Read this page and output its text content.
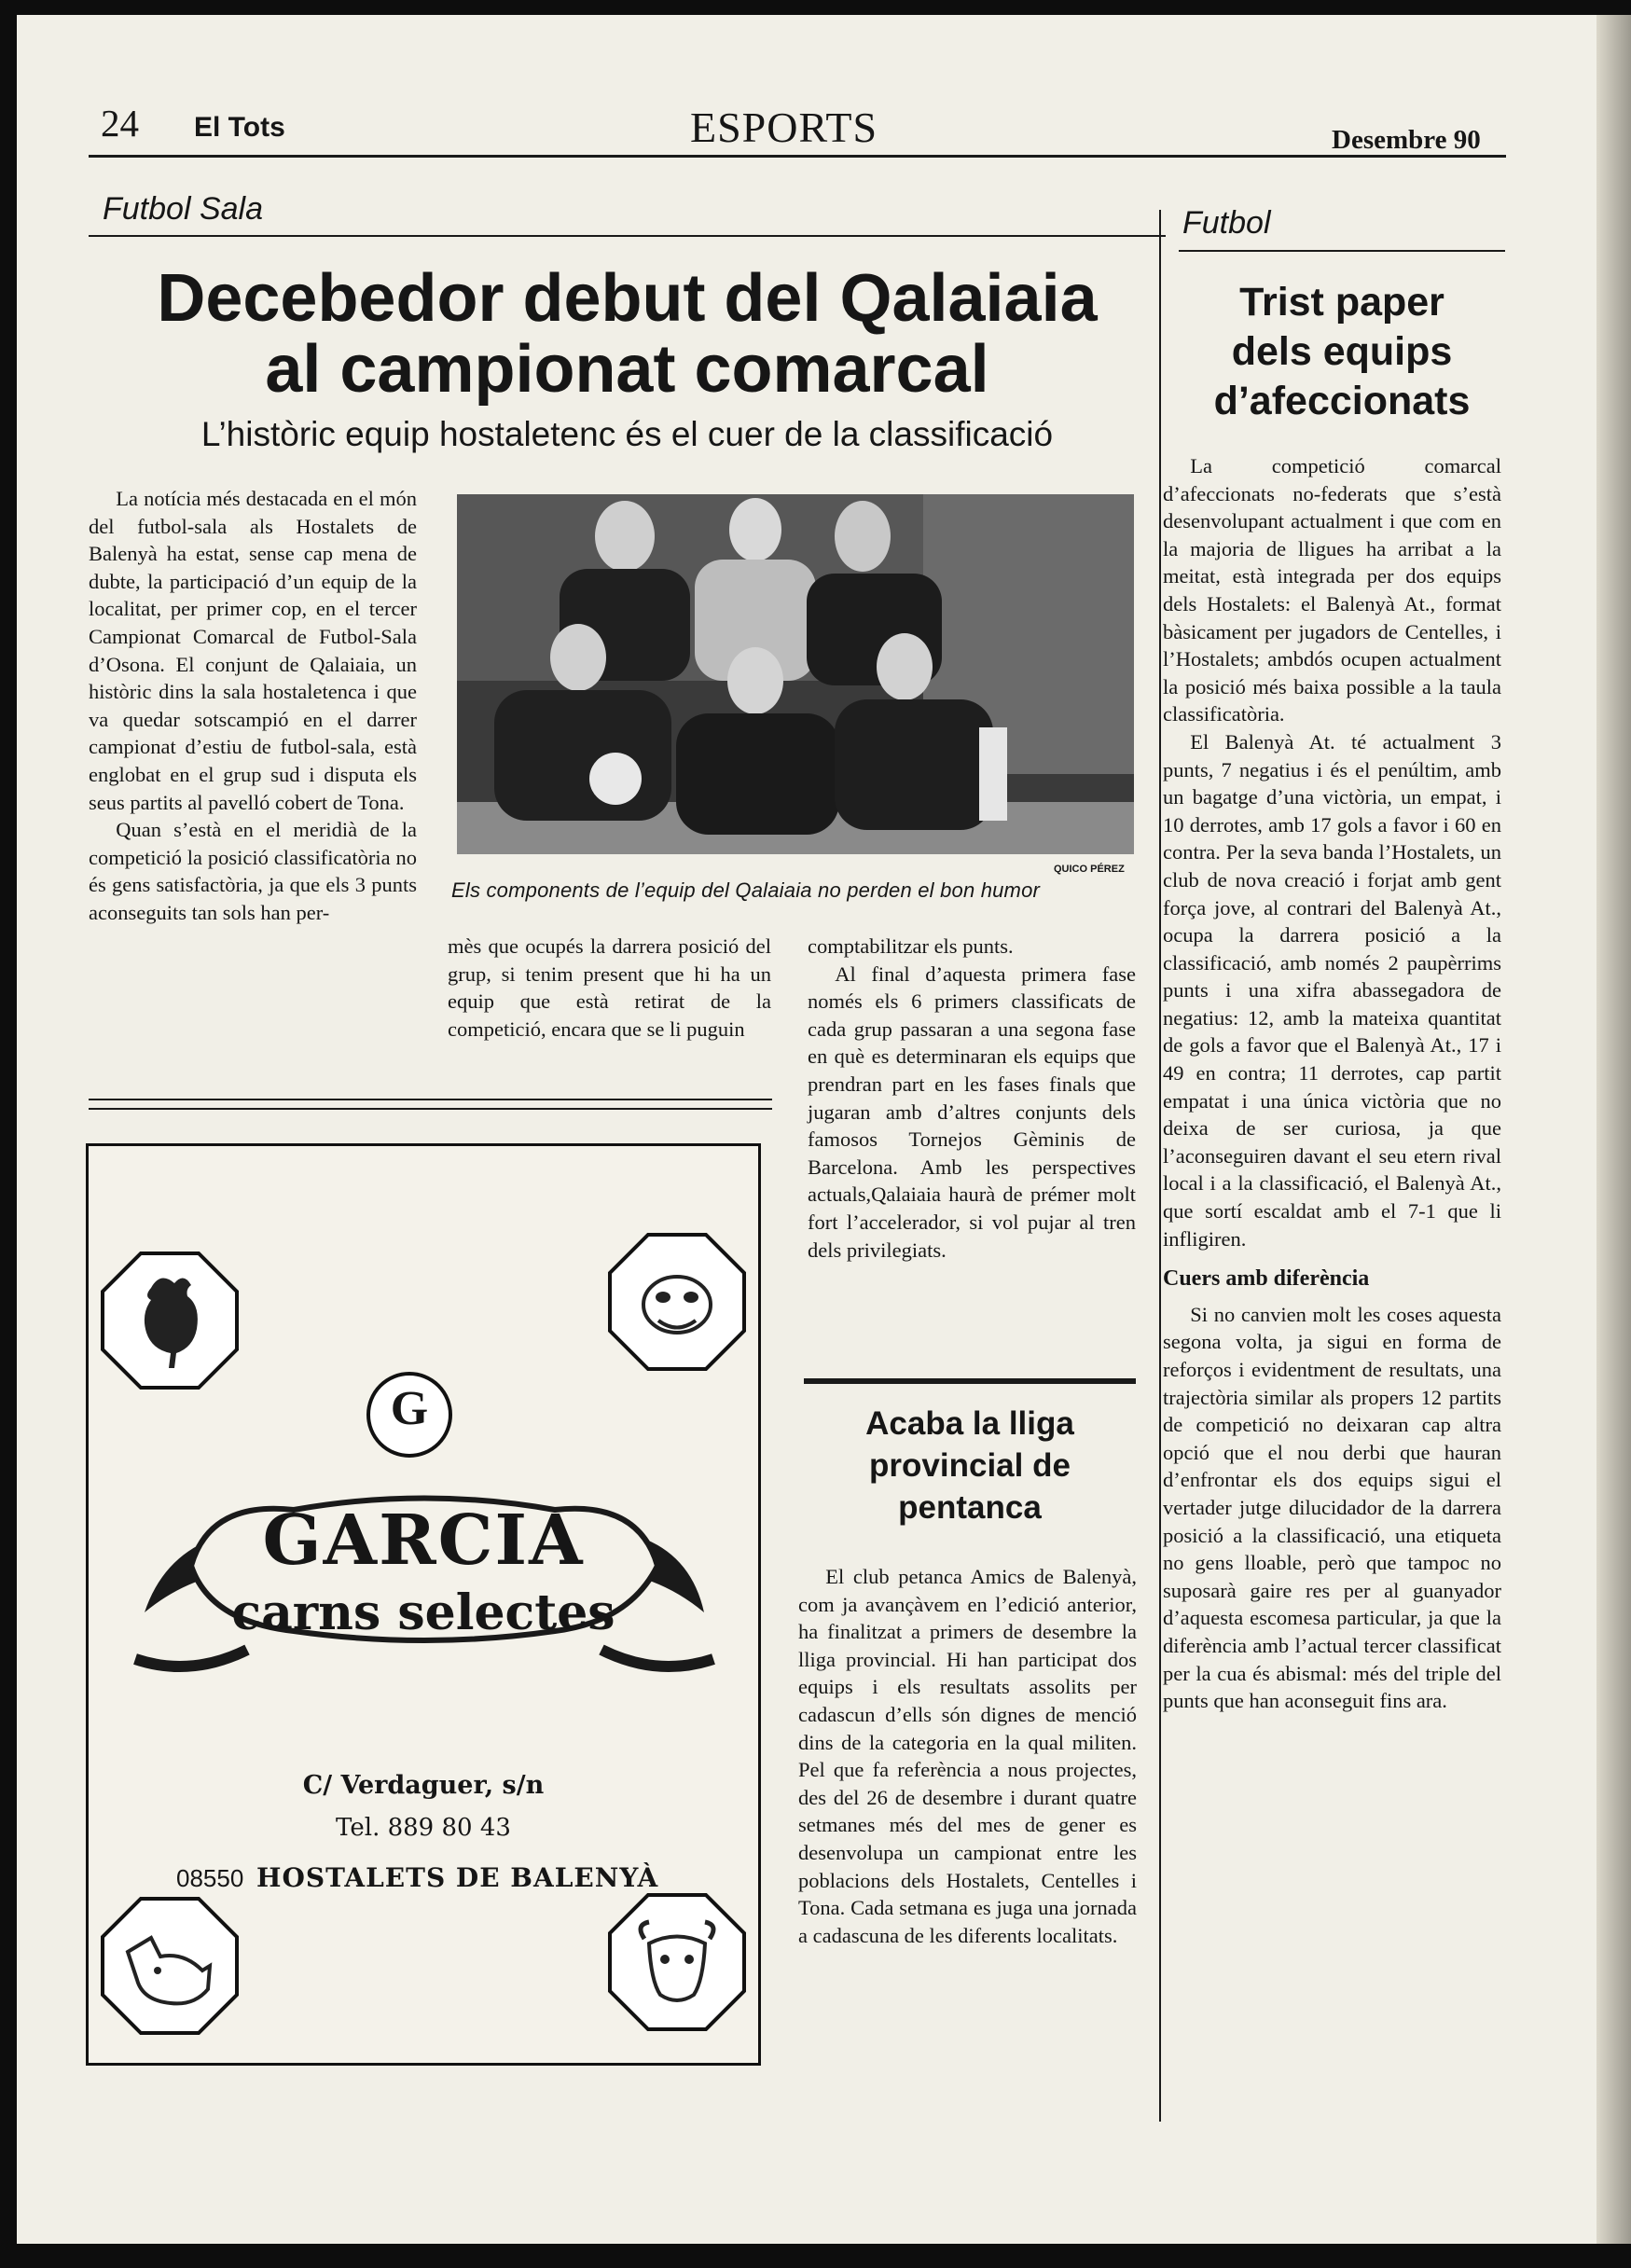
24 El Tots	ESPORTS	Desembre 90
Futbol Sala
Decebedor debut del Qalaiaia
al campionat comarcal
L’històric equip hostaletenc és el cuer de la classificació
QUICO PÉREZ
Els components de l’equip del Qalaiaia no perden el bon humor

La notícia més destacada en el món del futbol-sala als Hostalets de Balenyà ha estat, sense cap mena de dubte, la participació d’un equip de la localitat, per primer cop, en el tercer Campionat Comarcal de Futbol-Sala d’Osona. El conjunt de Qalaiaia, un històric dins la sala hostaletenca i que va quedar sotscampió en el darrer campionat d’estiu de futbol-sala, està englobat en el grup sud i disputa els seus partits al pavelló cobert de Tona.

Quan s’està en el meridià de la competició la posició classificatòria no és gens satisfactòria, ja que els 3 punts aconseguits tan sols han per-

mès que ocupés la darrera posició del grup, si tenim present que hi ha un equip que està retirat de la competició, encara que se li puguin

comptabilitzar els punts.

Al final d’aquesta primera fase només els 6 primers classificats de cada grup passaran a una segona fase en què es determinaran els equips que prendran part en les fases finals que jugaran amb d’altres conjunts dels famosos Tornejos Gèminis de Barcelona. Amb les perspectives actuals,Qalaiaia haurà de prémer molt fort l’accelerador, si vol pujar al tren dels privilegiats.

Acaba la lliga
provincial de
pentanca

El club petanca Amics de Balenyà, com ja avançàvem en l’edició anterior, ha finalitzat a primers de desembre la lliga provincial. Hi han participat dos equips i els resultats assolits per cadascun d’ells són dignes de menció dins de la categoria en la qual militen. Pel que fa referència a nous projectes, des del 26 de desembre i durant quatre setmanes més del mes de gener es desenvolupa un campionat entre les poblacions dels Hostalets, Centelles i Tona. Cada setmana es juga una jornada a cadascuna de les diferents localitats.

Futbol
Trist paper
dels equips
d’afeccionats

La competició comarcal d’afeccionats no-federats que s’està desenvolupant actualment i que com en la majoria de lligues ha arribat a la meitat, està integrada per dos equips dels Hostalets: el Balenyà At., format bàsicament per jugadors de Centelles, i l’Hostalets; ambdós ocupen actualment la posició més baixa possible a la taula classificatòria.

El Balenyà At. té actualment 3 punts, 7 negatius i és el penúltim, amb un bagatge d’una victòria, un empat, i 10 derrotes, amb 17 gols a favor i 60 en contra. Per la seva banda l’Hostalets, un club de nova creació i forjat amb gent força jove, al contrari del Balenyà At., ocupa la darrera posició a la classificació, amb només 2 paupèrrims punts i una xifra abassegadora de negatius: 12, amb la mateixa quantitat de gols a favor que el Balenyà At., 17 i 49 en contra; 11 derrotes, cap partit empatat i una única victòria que no deixa de ser curiosa, ja que l’aconseguiren davant el seu etern rival local i a la classificació, el Balenyà At., que sortí escaldat amb el 7-1 que li infligiren.

Cuers amb diferència

Si no canvien molt les coses aquesta segona volta, ja sigui en forma de reforços i evidentment de resultats, una trajectòria similar als propers 12 partits de competició no deixaran cap altra opció que el nou derbi que hauran d’enfrontar els dos equips sigui el vertader jutge dilucidador de la darrera posició a la classificació, una etiqueta no gens lloable, però que tampoc no suposarà gaire res per al guanyador d’aquesta escomesa particular, ja que la diferència amb l’actual tercer classificat per la cua és abismal: més del triple del punts que han aconseguit fins ara.

G
GARCIA
carns selectes
C/ Verdaguer, s/n
Tel. 889 80 43
08550 HOSTALETS DE BALENYÀ
